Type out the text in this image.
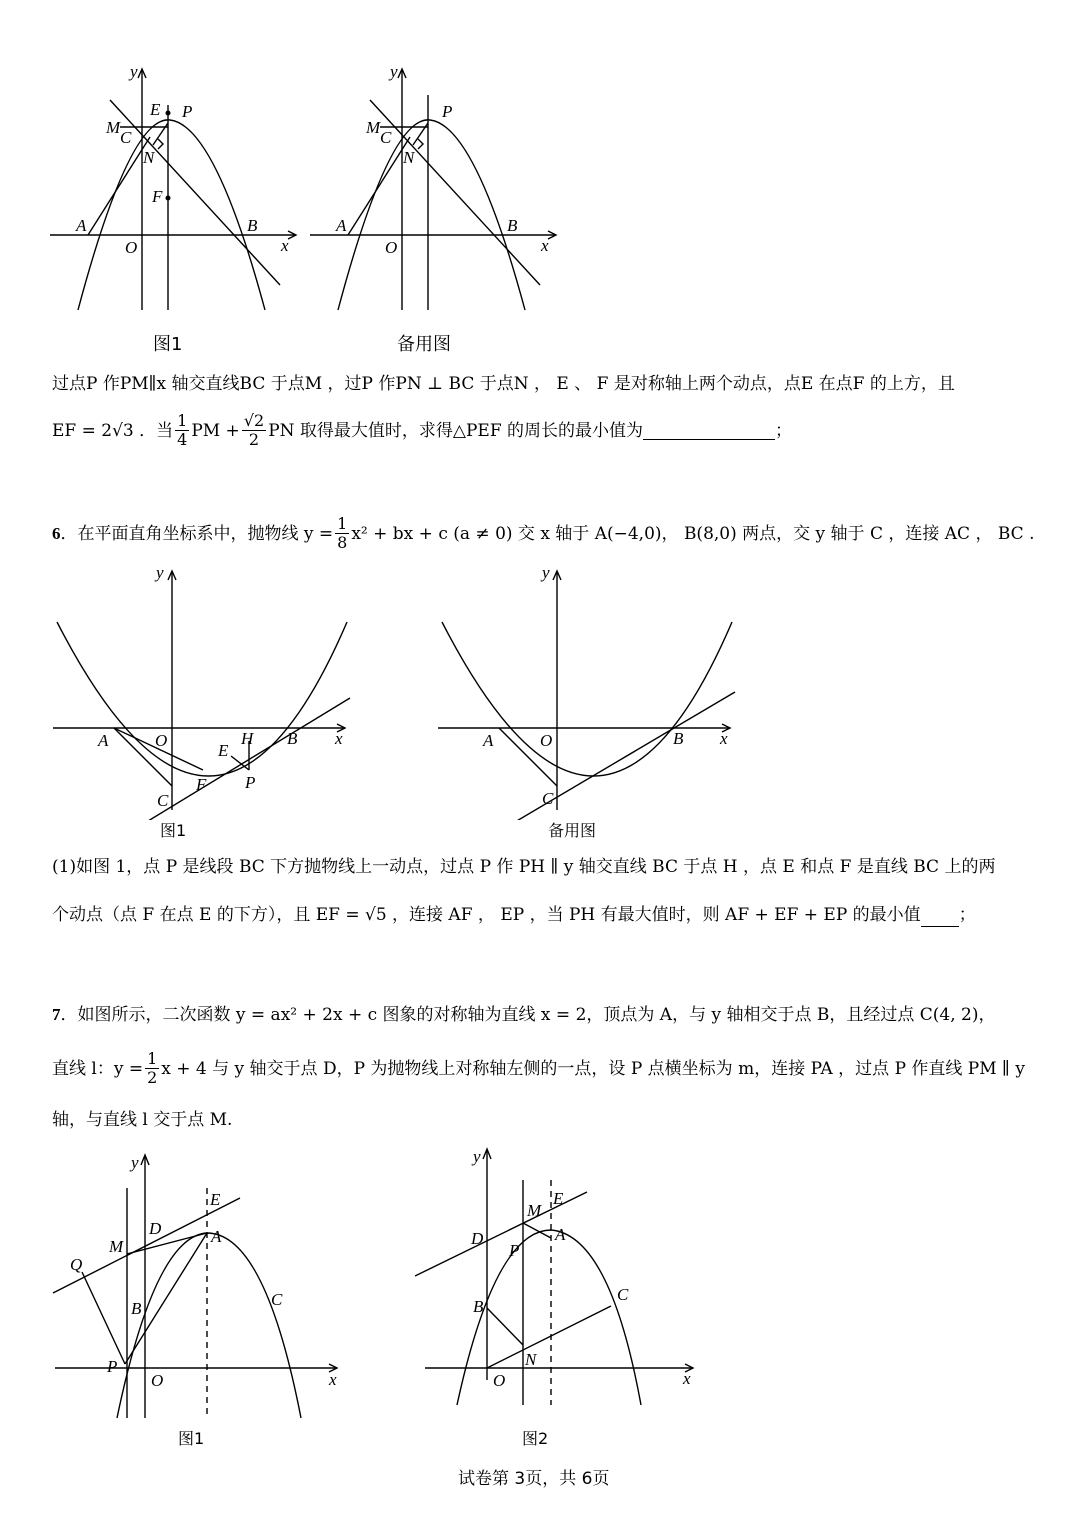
y
x
E P
M
C
N
F
A
O
B
图1
y
x
P
M
C
N
A
O
B
备用图
过点P 作PM∥x 轴交直线BC 于点M ，过P 作PN ⊥ BC 于点N ， E 、 F 是对称轴上两个动点，点E 在点F 的上方，且
EF = 2√3 ．当 $\frac{1}{4}$ PM + $\frac{√2}{2}$ PN 取得最大值时，求得△PEF 的周长的最小值为	；
6 ．在平面直角坐标系中，抛物线 $y = \frac{1}{8} x^2$ + bx + c (a ≠ 0) 交 x 轴于 A(−4,0)， B(8,0) 两点，交 y 轴于 C ，连接 AC ， BC .
y
x
A	O
E
H B
F P
C
图1
y
x
A	O	B
C
备用图
(1)如图 1，点 P 是线段 BC 下方抛物线上一动点，过点 P 作 PH ∥ y 轴交直线 BC 于点 H ，点 E 和点 F 是直线 BC 上的两
个动点（点 F 在点 E 的下方），且 EF = √5 ，连接 AF ， EP ，当 PH 有最大值时，则 AF + EF + EP 的最小值 ；
7．如图所示，二次函数 y = ax² + 2x + c 图象的对称轴为直线 x = 2，顶点为 A，与 y 轴相交于点 B，且经过点 C(4, 2)，
直线 l：$y = \frac{1}{2}$ x + 4 与 y 轴交于点 D，P 为抛物线上对称轴左侧的一点，设 P 点横坐标为 m，连接 PA ，过点 P 作直线 PM ∥ y
轴，与直线 l 交于点 M.
y
x
E
D
M
A
Q
B	C
P
O
图1
y
x
E
M
A
D
P
C
B
N
O
图2
试卷第 3页，共 6页
